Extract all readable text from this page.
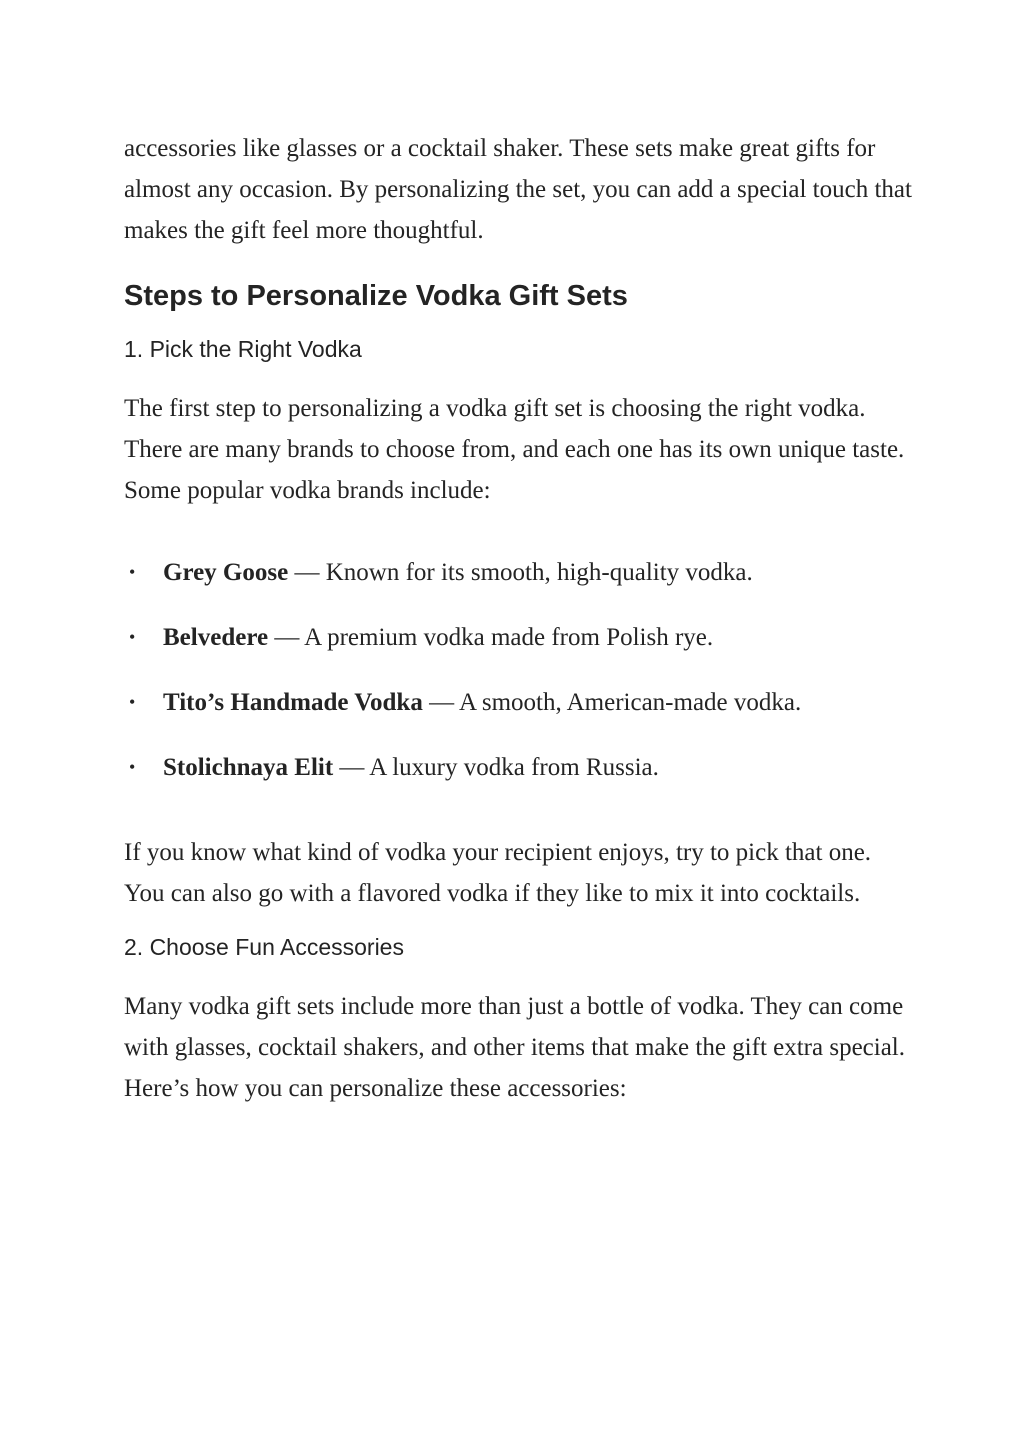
accessories like glasses or a cocktail shaker. These sets make great gifts for almost any occasion. By personalizing the set, you can add a special touch that makes the gift feel more thoughtful.

Steps to Personalize Vodka Gift Sets
1. Pick the Right Vodka

The first step to personalizing a vodka gift set is choosing the right vodka. There are many brands to choose from, and each one has its own unique taste. Some popular vodka brands include:

• Grey Goose — Known for its smooth, high-quality vodka.
• Belvedere — A premium vodka made from Polish rye.
• Tito’s Handmade Vodka — A smooth, American-made vodka.
• Stolichnaya Elit — A luxury vodka from Russia.

If you know what kind of vodka your recipient enjoys, try to pick that one. You can also go with a flavored vodka if they like to mix it into cocktails.

2. Choose Fun Accessories

Many vodka gift sets include more than just a bottle of vodka. They can come with glasses, cocktail shakers, and other items that make the gift extra special. Here’s how you can personalize these accessories:
